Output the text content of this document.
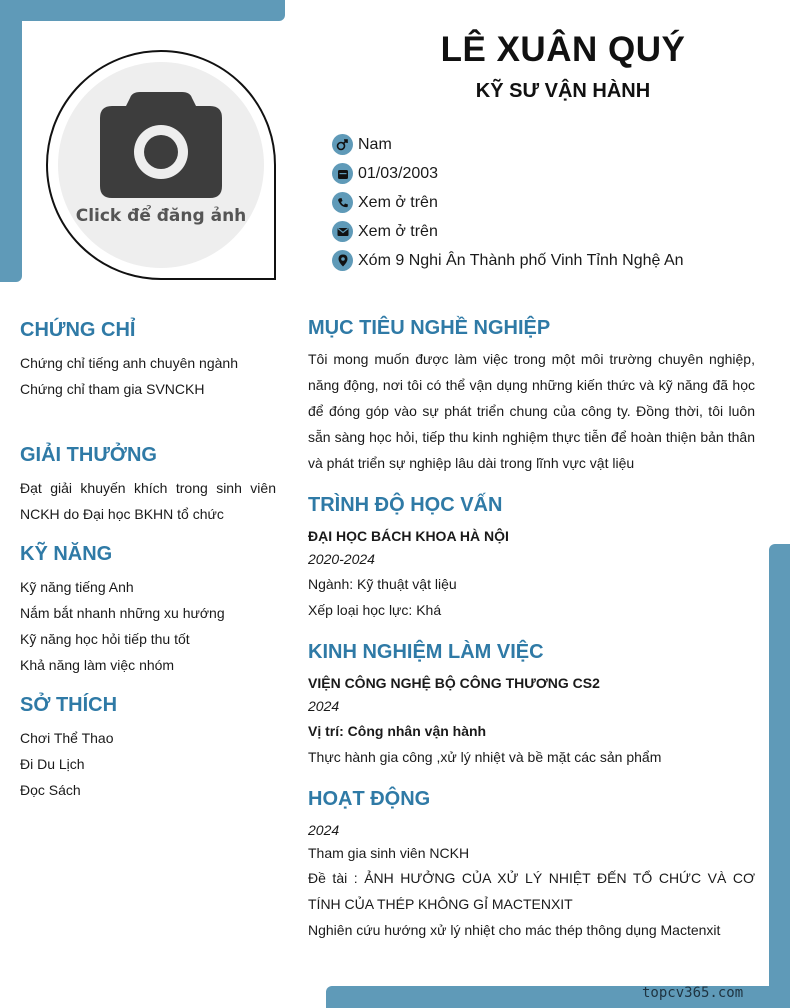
Click để đăng ảnh
LÊ XUÂN QUÝ
KỸ SƯ VẬN HÀNH
Nam
01/03/2003
Xem ở trên
Xem ở trên
Xóm 9 Nghi Ân Thành phố Vinh Tỉnh Nghệ An
CHỨNG CHỈ
Chứng chỉ tiếng anh chuyên ngành
Chứng chỉ tham gia SVNCKH
GIẢI THƯỞNG
Đạt giải khuyến khích trong sinh viên NCKH do Đại học BKHN tổ chức
KỸ NĂNG
Kỹ năng tiếng Anh
Nắm bắt nhanh những xu hướng
Kỹ năng học hỏi tiếp thu tốt
Khả năng làm việc nhóm
SỞ THÍCH
Chơi Thể Thao
Đi Du Lịch
Đọc Sách
MỤC TIÊU NGHỀ NGHIỆP
Tôi mong muốn được làm việc trong một môi trường chuyên nghiệp, năng động, nơi tôi có thể vận dụng những kiến thức và kỹ năng đã học để đóng góp vào sự phát triển chung của công ty. Đồng thời, tôi luôn sẵn sàng học hỏi, tiếp thu kinh nghiệm thực tiễn để hoàn thiện bản thân và phát triển sự nghiệp lâu dài trong lĩnh vực vật liệu
TRÌNH ĐỘ HỌC VẤN
ĐẠI HỌC BÁCH KHOA HÀ NỘI
2020-2024
Ngành: Kỹ thuật vật liệu
Xếp loại học lực: Khá
KINH NGHIỆM LÀM VIỆC
VIỆN CÔNG NGHỆ BỘ CÔNG THƯƠNG CS2
2024
Vị trí: Công nhân vận hành
Thực hành gia công ,xử lý nhiệt và bề mặt các sản phẩm
HOẠT ĐỘNG
2024
Tham gia sinh viên NCKH
Đề tài : ẢNH HƯỞNG CỦA XỬ LÝ NHIỆT ĐẾN TỔ CHỨC VÀ CƠ TÍNH CỦA THÉP KHÔNG GỈ MACTENXIT
Nghiên cứu hướng xử lý nhiệt cho mác thép thông dụng Mactenxit
topcv365.com
